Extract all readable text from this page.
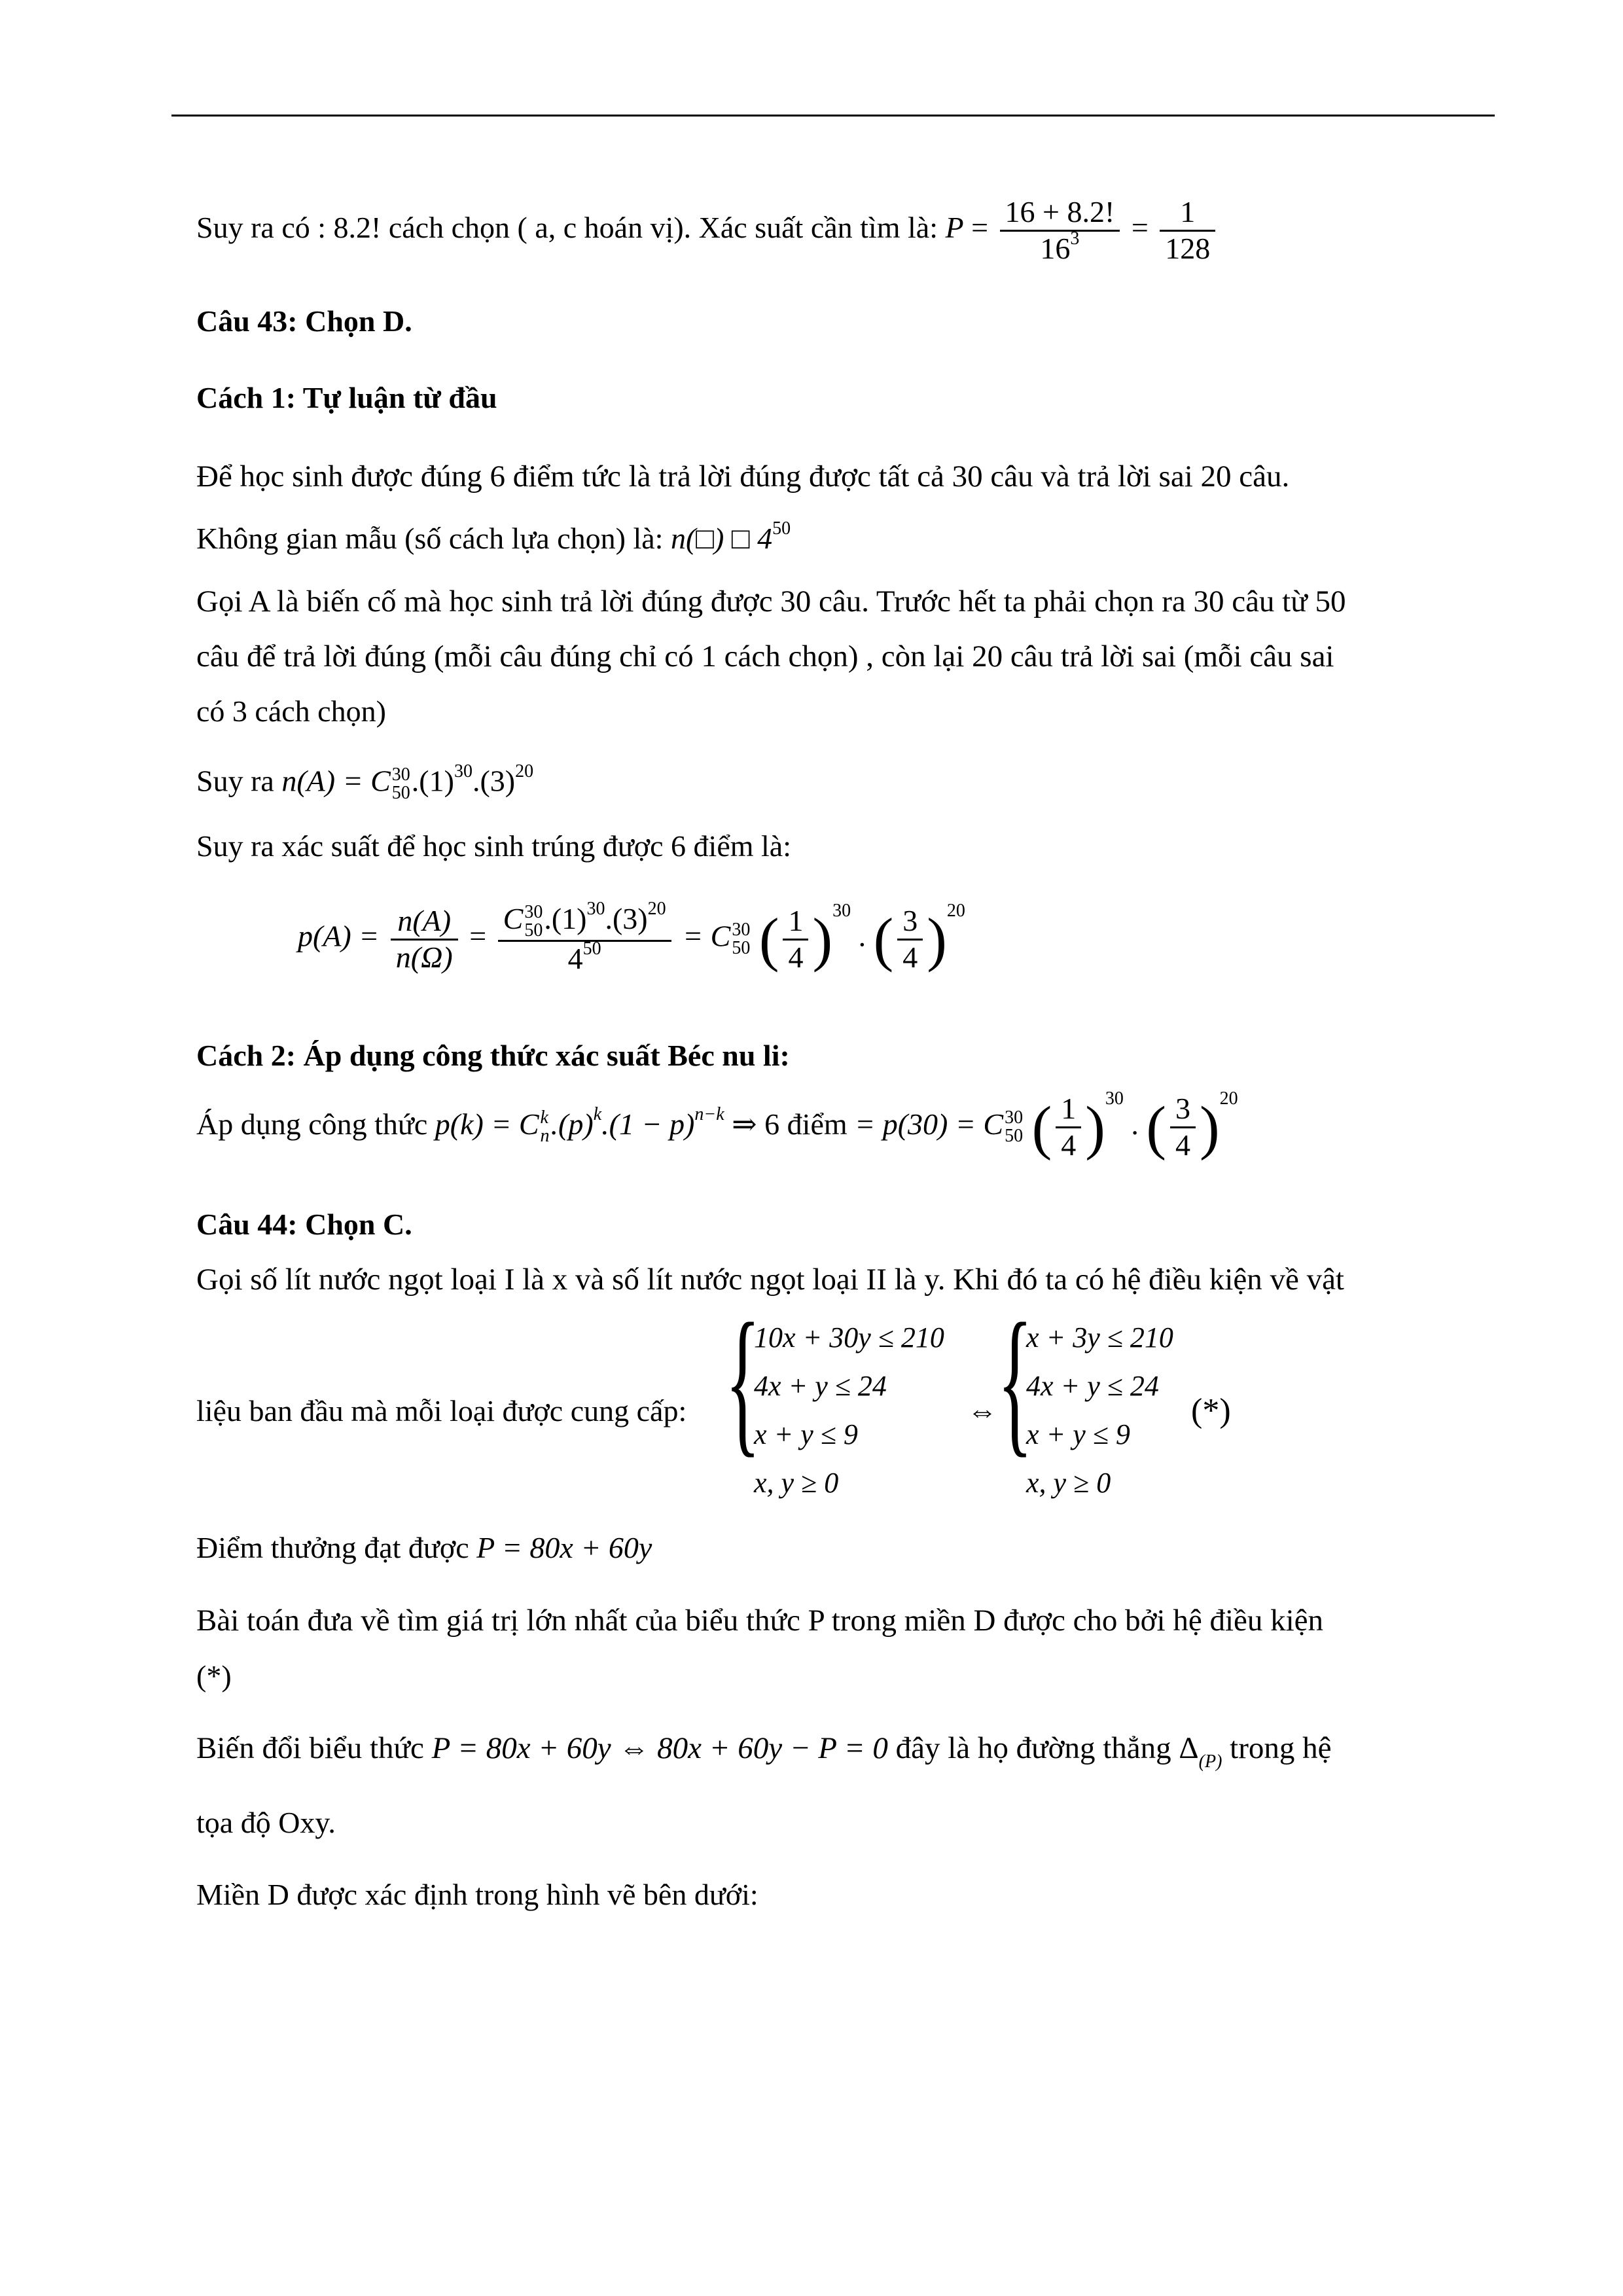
Suy ra có : 8.2! cách chọn ( a, c hoán vị). Xác suất cần tìm là: $P = \frac{16 + 8.2!}{16^3} = \frac{1}{128}$
Câu 43: Chọn D.
Cách 1: Tự luận từ đầu
Để học sinh được đúng 6 điểm tức là trả lời đúng được tất cả 30 câu và trả lời sai 20 câu.
Không gian mẫu (số cách lựa chọn) là: n(□) □ $4^{50}$
Gọi A là biến cố mà học sinh trả lời đúng được 30 câu. Trước hết ta phải chọn ra 30 câu từ 50
câu để trả lời đúng (mỗi câu đúng chỉ có 1 cách chọn) , còn lại 20 câu trả lời sai (mỗi câu sai
có 3 cách chọn)
Suy ra n(A) = C 30
50 $.(1)^{30}.(3)^{20}$
Suy ra xác suất để học sinh trúng được 6 điểm là:
$p(A) = \frac{n(A)}{n(\Omega)} = C$ 30
50 $.(1)^{30}.(3)^{20}$
$4^{50} = C$ 30
50 ( $\frac{1}{4} )^{30}$ . ( $\frac{3}{4} )^{20}$
Cách 2: Áp dụng công thức xác suất Béc nu li:
Áp dụng công thức p(k) = C k
n $.(p)^k.(1 - p)^{n-k}$ ⇒ 6 điểm = p(30) = C 30
50 ( $\frac{1}{4} )^{30}$ . ( $\frac{3}{4} )^{20}$
Câu 44: Chọn C.
Gọi số lít nước ngọt loại I là x và số lít nước ngọt loại II là y. Khi đó ta có hệ điều kiện về vật
liệu ban đầu mà mỗi loại được cung cấp: {
10x + 30y ≤ 210
4x + y ≤ 24
x + y ≤ 9
x, y ≥ 0
⇔ {
x + 3y ≤ 210
4x + y ≤ 24
x + y ≤ 9
x, y ≥ 0
(*)
Điểm thưởng đạt được P = 80x + 60y
Bài toán đưa về tìm giá trị lớn nhất của biểu thức P trong miền D được cho bởi hệ điều kiện
(*)
Biến đổi biểu thức P = 80x + 60y ⇔ 80x + 60y − P = 0 đây là họ đường thẳng $\Delta_{(P)}$ trong hệ
tọa độ Oxy.
Miền D được xác định trong hình vẽ bên dưới:
